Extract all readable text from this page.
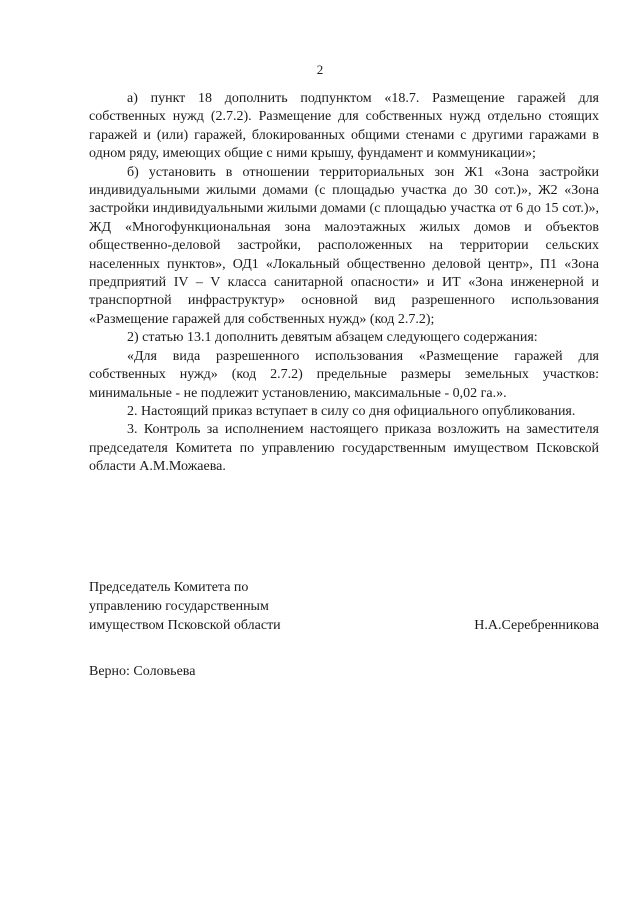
2

а) пункт 18 дополнить подпунктом «18.7. Размещение гаражей для собственных нужд (2.7.2). Размещение для собственных нужд отдельно стоящих гаражей и (или) гаражей, блокированных общими стенами с другими гаражами в одном ряду, имеющих общие с ними крышу, фундамент и коммуникации»;

б) установить в отношении территориальных зон Ж1 «Зона застройки индивидуальными жилыми домами (с площадью участка до 30 сот.)», Ж2 «Зона застройки индивидуальными жилыми домами (с площадью участка от 6 до 15 сот.)», ЖД «Многофункциональная зона малоэтажных жилых домов и объектов общественно-деловой застройки, расположенных на территории сельских населенных пунктов», ОД1 «Локальный общественно деловой центр», П1 «Зона предприятий IV – V класса санитарной опасности» и ИТ «Зона инженерной и транспортной инфраструктур» основной вид разрешенного использования «Размещение гаражей для собственных нужд» (код 2.7.2);

2) статью 13.1 дополнить девятым абзацем следующего содержания:

«Для вида разрешенного использования «Размещение гаражей для собственных нужд» (код 2.7.2) предельные размеры земельных участков: минимальные - не подлежит установлению, максимальные - 0,02 га.».

2. Настоящий приказ вступает в силу со дня официального опубликования.

3. Контроль за исполнением настоящего приказа возложить на заместителя председателя Комитета по управлению государственным имуществом Псковской области А.М.Можаева.

Председатель Комитета по
управлению государственным
имуществом Псковской области	Н.А.Серебренникова
Верно: Соловьева
